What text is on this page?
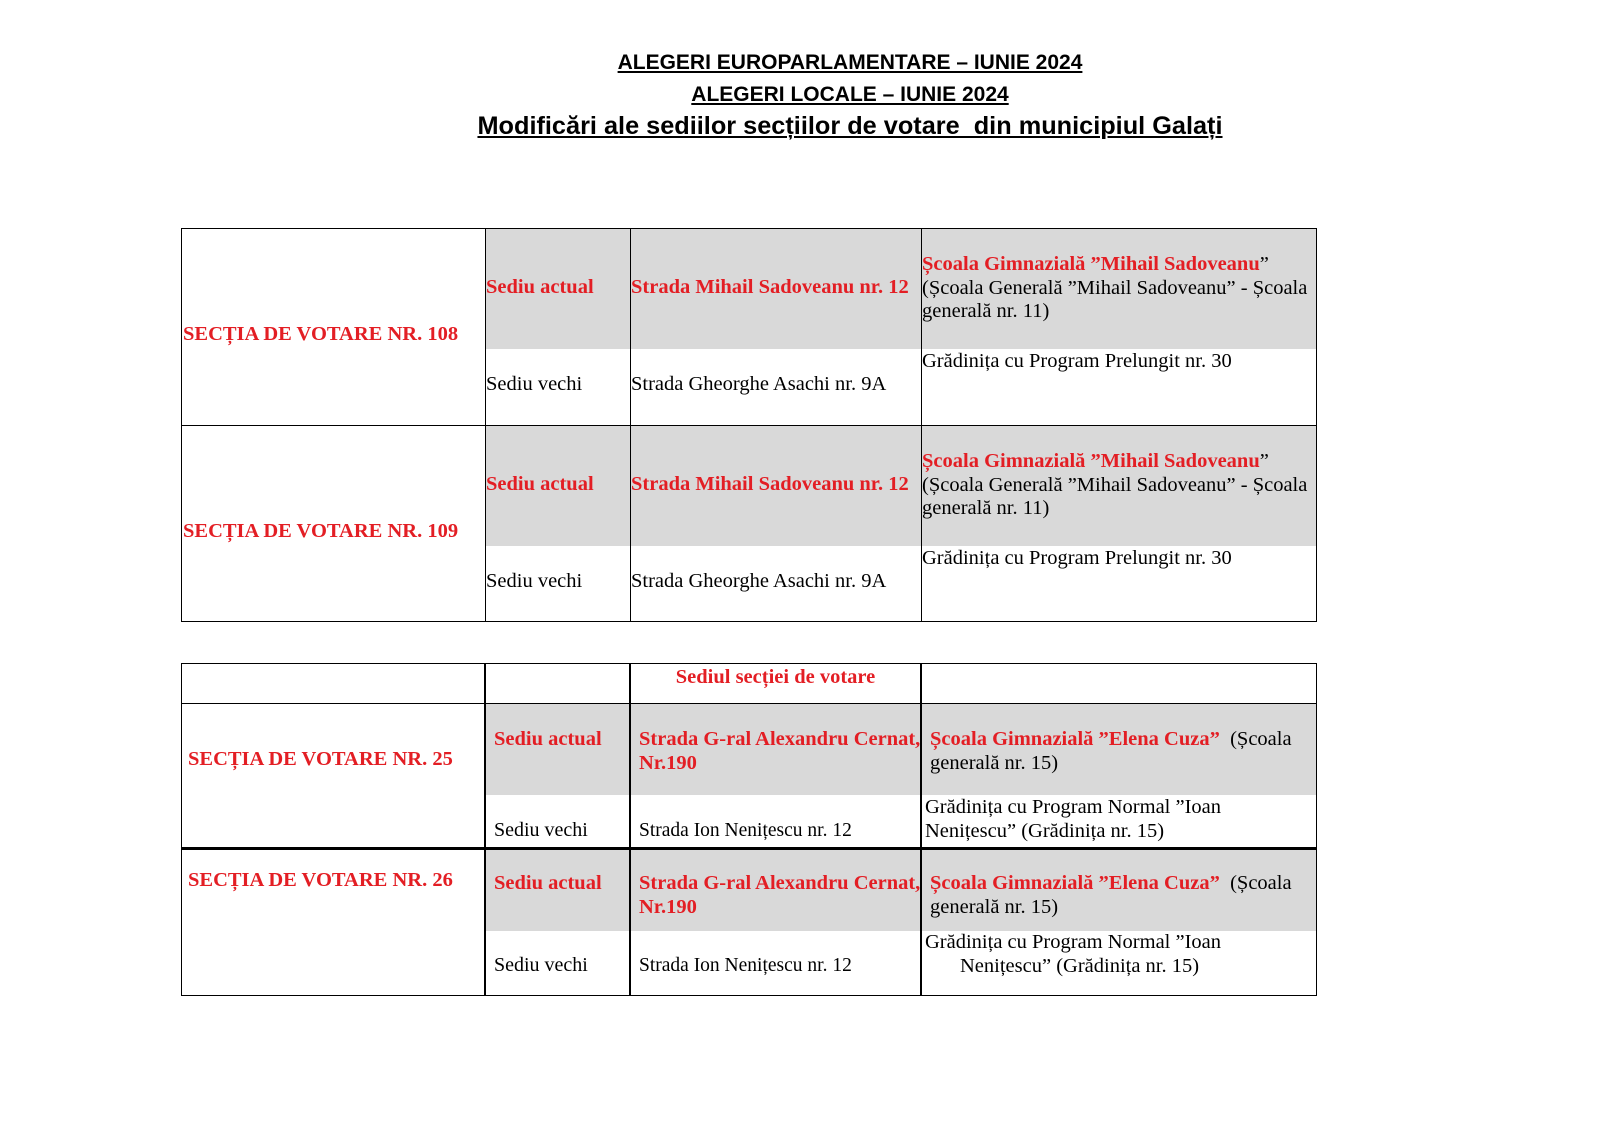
ALEGERI EUROPARLAMENTARE – IUNIE 2024
ALEGERI LOCALE – IUNIE 2024
Modificări ale sediilor secțiilor de votare  din municipiul Galați
SECȚIA DE VOTARE NR. 108
Sediu actual Strada Mihail Sadoveanu nr. 12
Școala Gimnazială ”Mihail Sadoveanu”
(Școala Generală ”Mihail Sadoveanu” - Școala
generală nr. 11)
Grădinița cu Program Prelungit nr. 30
Sediu vechi Strada Gheorghe Asachi nr. 9A
SECȚIA DE VOTARE NR. 109
Sediu actual Strada Mihail Sadoveanu nr. 12
Școala Gimnazială ”Mihail Sadoveanu”
(Școala Generală ”Mihail Sadoveanu” - Școala
generală nr. 11)
Grădinița cu Program Prelungit nr. 30
Sediu vechi Strada Gheorghe Asachi nr. 9A
Sediul secției de votare
SECȚIA DE VOTARE NR. 25
Sediu actual Strada G-ral Alexandru Cernat,
Nr.190
Școala Gimnazială ”Elena Cuza”  (Școala
generală nr. 15)
Grădinița cu Program Normal ”Ioan
Nenițescu” (Grădinița nr. 15)
Sediu vechi	Strada Ion Nenițescu nr. 12
SECȚIA DE VOTARE NR. 26 Sediu actual Strada G-ral Alexandru Cernat,
Nr.190
Școala Gimnazială ”Elena Cuza”  (Școala
generală nr. 15)
Grădinița cu Program Normal ”Ioan
Nenițescu” (Grădinița nr. 15)
Sediu vechi	Strada Ion Nenițescu nr. 12
